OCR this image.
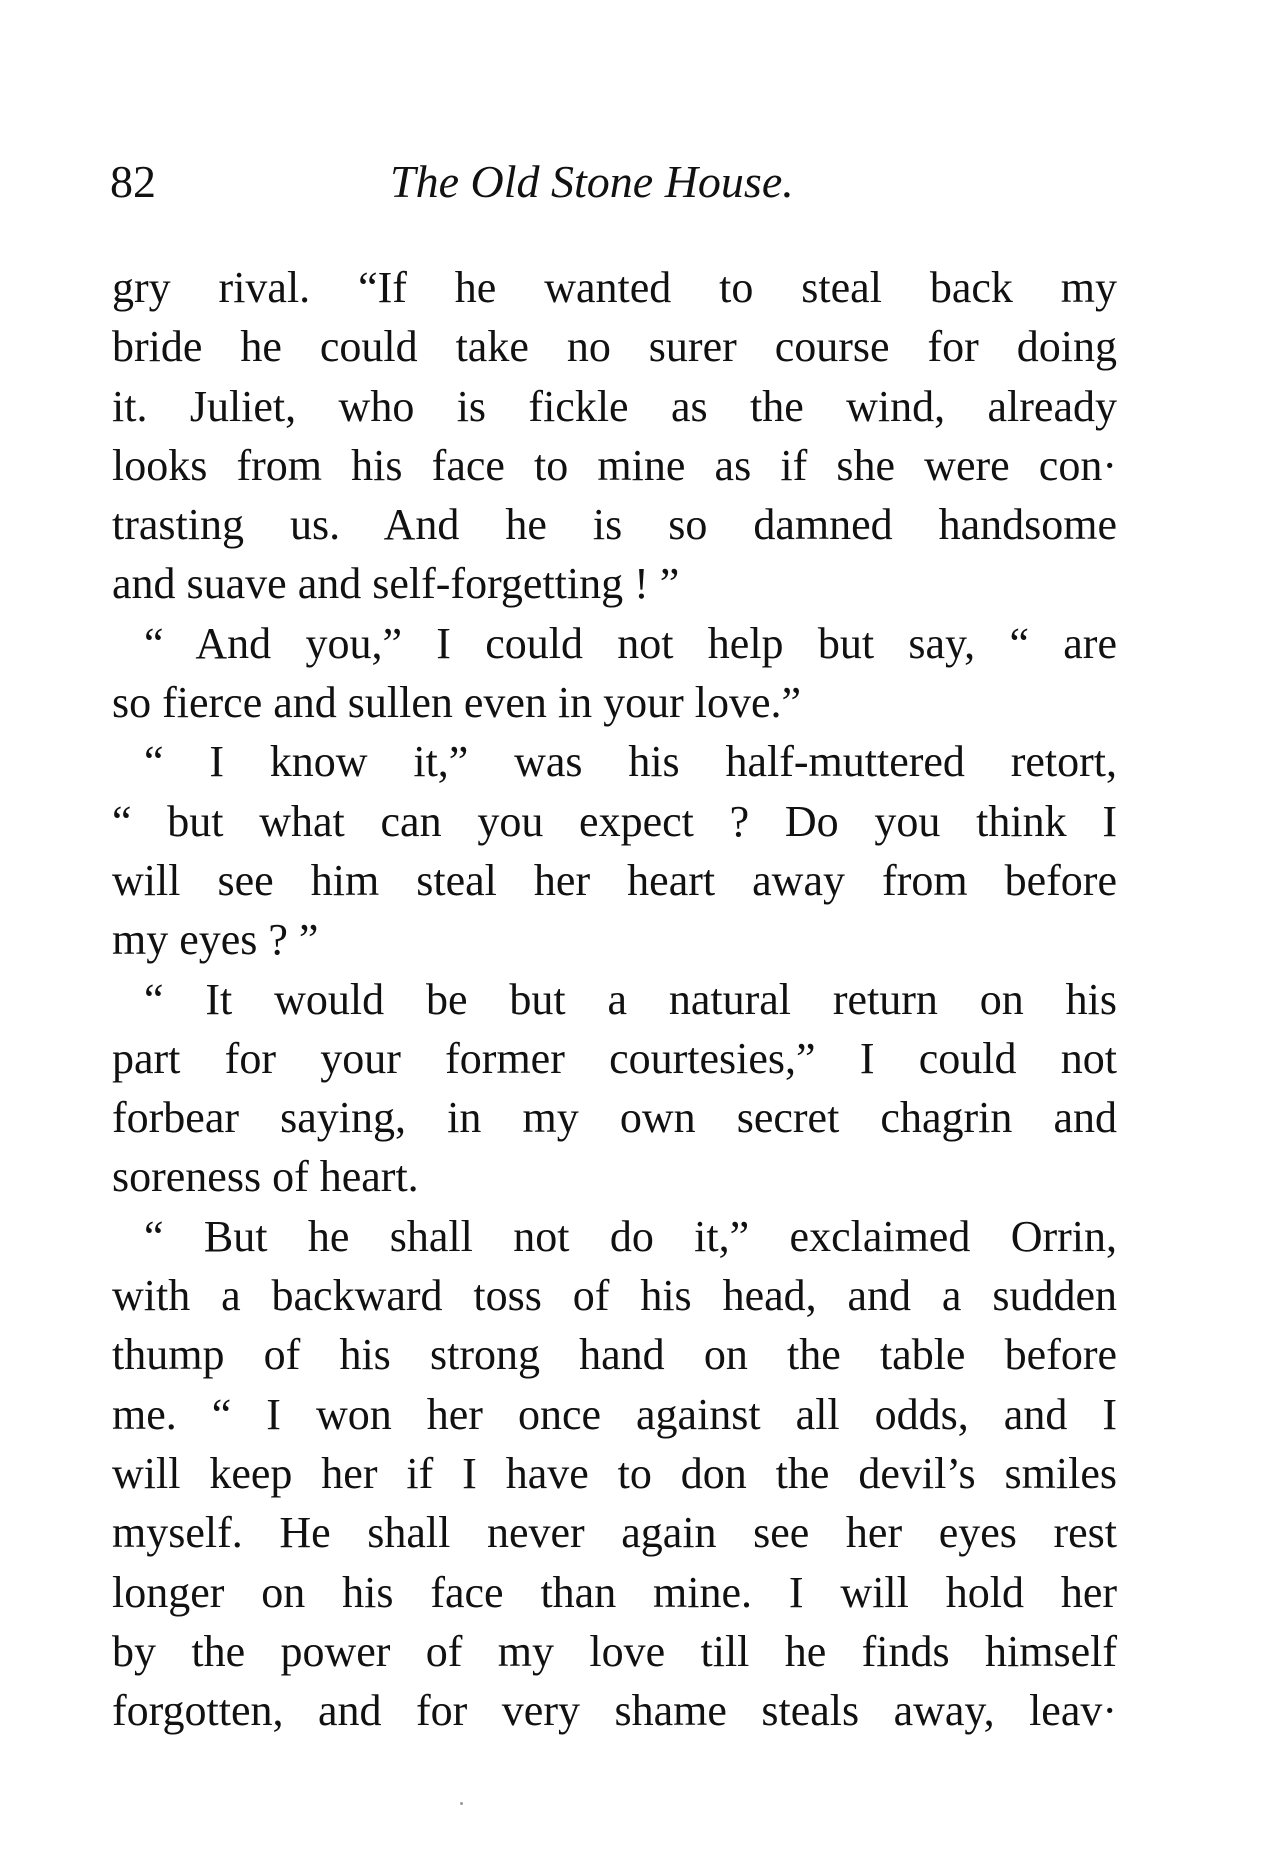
82	The Old Stone House.
gry rival. “If he wanted to steal back my
bride he could take no surer course for doing
it. Juliet, who is fickle as the wind, already
looks from his face to mine as if she were con·
trasting us. And he is so damned handsome
and suave and self-forgetting ! ”
“ And you,” I could not help but say, “ are
so fierce and sullen even in your love.”
“ I know it,” was his half-muttered retort,
“ but what can you expect ? Do you think I
will see him steal her heart away from before
my eyes ? ”
“ It would be but a natural return on his
part for your former courtesies,” I could not
forbear saying, in my own secret chagrin and
soreness of heart.
“ But he shall not do it,” exclaimed Orrin,
with a backward toss of his head, and a sudden
thump of his strong hand on the table before
me. “ I won her once against all odds, and I
will keep her if I have to don the devil’s smiles
myself. He shall never again see her eyes rest
longer on his face than mine. I will hold her
by the power of my love till he finds himself
forgotten, and for very shame steals away, leav·
